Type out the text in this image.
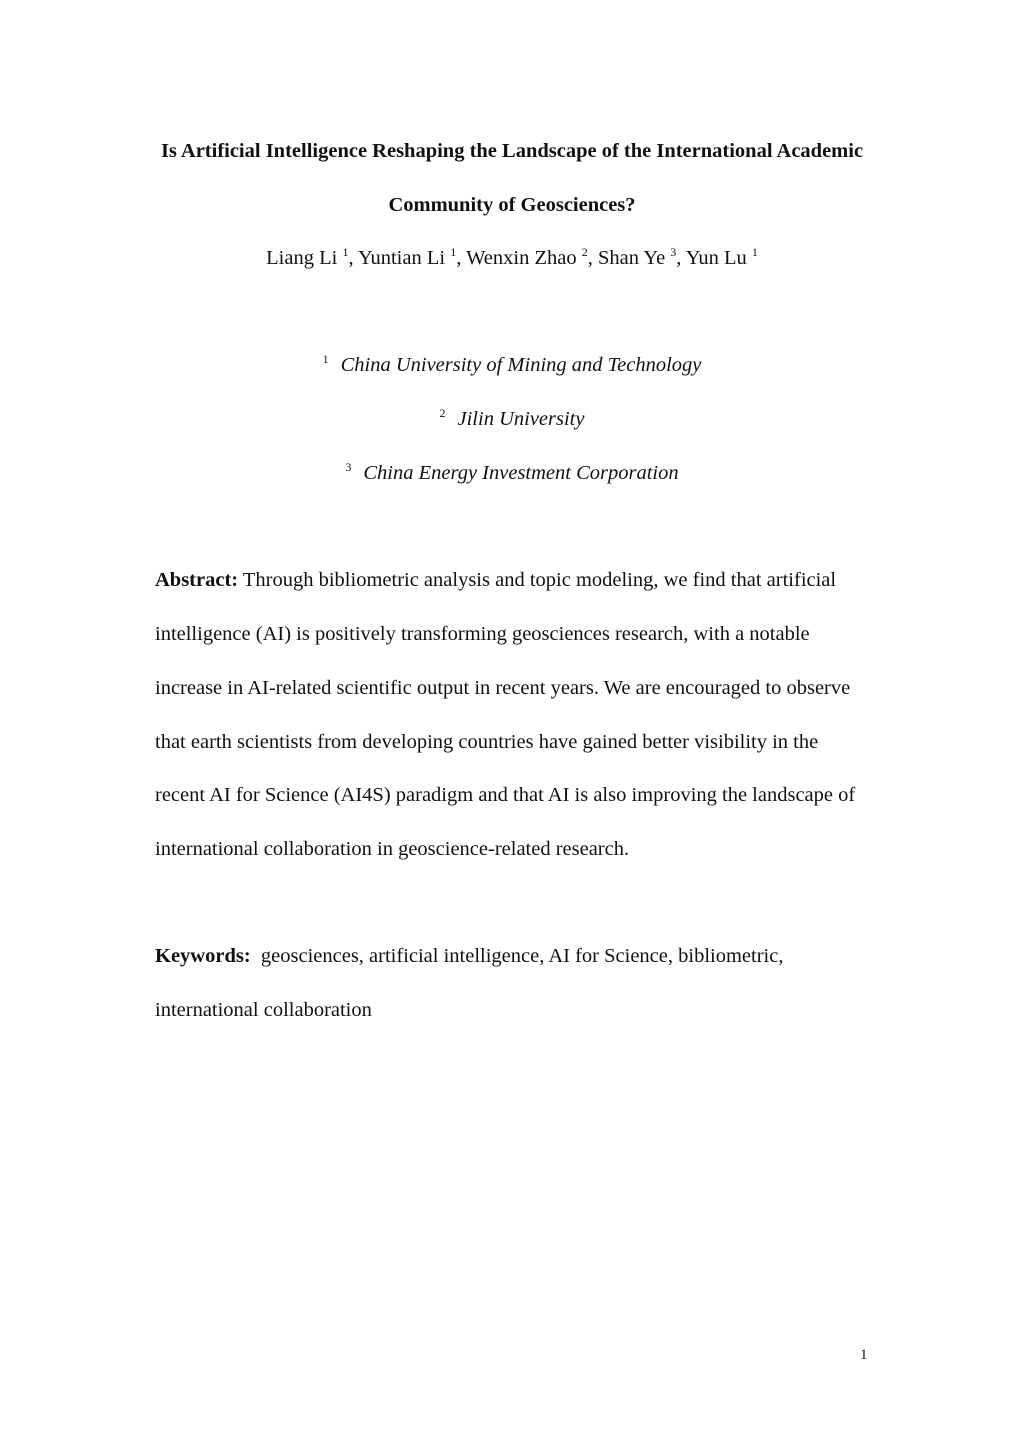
Is Artificial Intelligence Reshaping the Landscape of the International Academic
Community of Geosciences?
Liang Li $^1$, Yuntian Li $^1$, Wenxin Zhao $^2$, Shan Ye $^3$, Yun Lu $^1$
$^1$ China University of Mining and Technology
$^2$ Jilin University
$^3$ China Energy Investment Corporation
Abstract: Through bibliometric analysis and topic modeling, we find that artificial
intelligence (AI) is positively transforming geosciences research, with a notable
increase in AI-related scientific output in recent years. We are encouraged to observe
that earth scientists from developing countries have gained better visibility in the
recent AI for Science (AI4S) paradigm and that AI is also improving the landscape of
international collaboration in geoscience-related research.
Keywords: geosciences, artificial intelligence, AI for Science, bibliometric,
international collaboration
1
